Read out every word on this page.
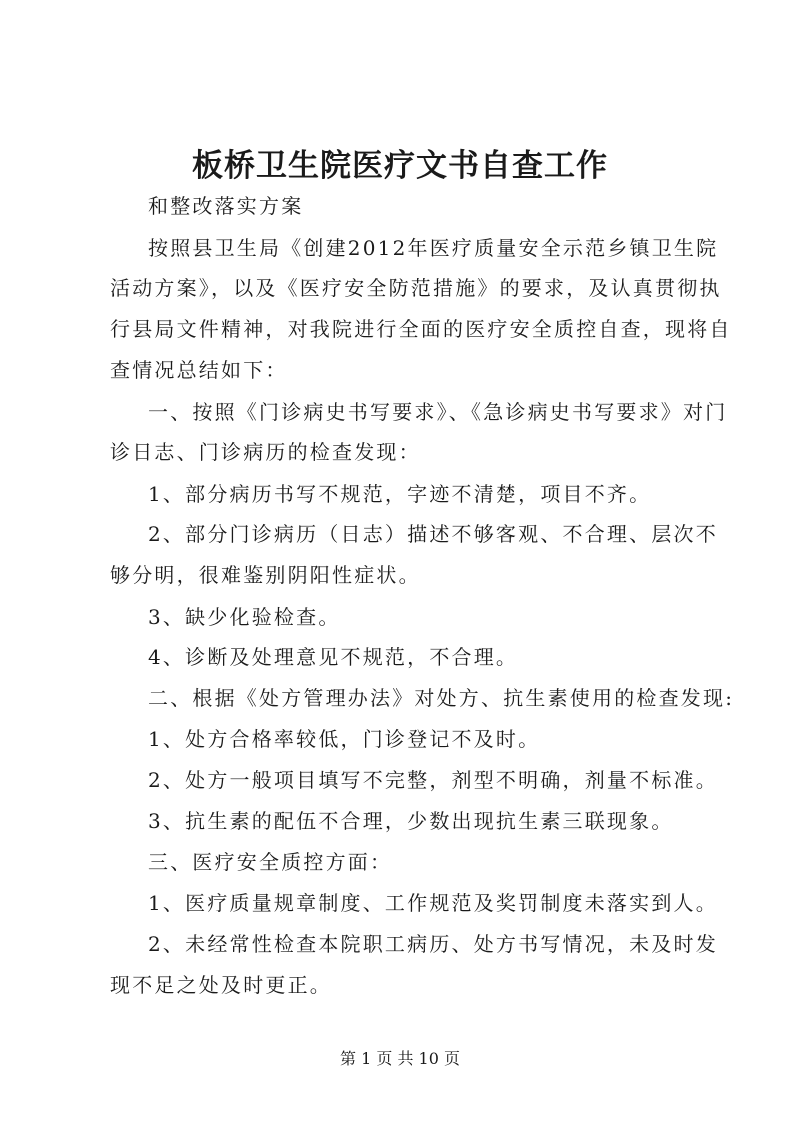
板桥卫生院医疗文书自查工作
和整改落实方案
按照县卫生局《创建2012年医疗质量安全示范乡镇卫生院
活动方案》，以及《医疗安全防范措施》的要求，及认真贯彻执
行县局文件精神，对我院进行全面的医疗安全质控自查，现将自
查情况总结如下：
一、按照《门诊病史书写要求》、《急诊病史书写要求》对门
诊日志、门诊病历的检查发现：
1、部分病历书写不规范，字迹不清楚，项目不齐。
2、部分门诊病历（日志）描述不够客观、不合理、层次不
够分明，很难鉴别阴阳性症状。
3、缺少化验检查。
4、诊断及处理意见不规范，不合理。
二、根据《处方管理办法》对处方、抗生素使用的检查发现:
1、处方合格率较低，门诊登记不及时。
2、处方一般项目填写不完整，剂型不明确，剂量不标准。
3、抗生素的配伍不合理，少数出现抗生素三联现象。
三、医疗安全质控方面：
1、医疗质量规章制度、工作规范及奖罚制度未落实到人。
2、未经常性检查本院职工病历、处方书写情况，未及时发
现不足之处及时更正。
第 1 页 共 10 页
